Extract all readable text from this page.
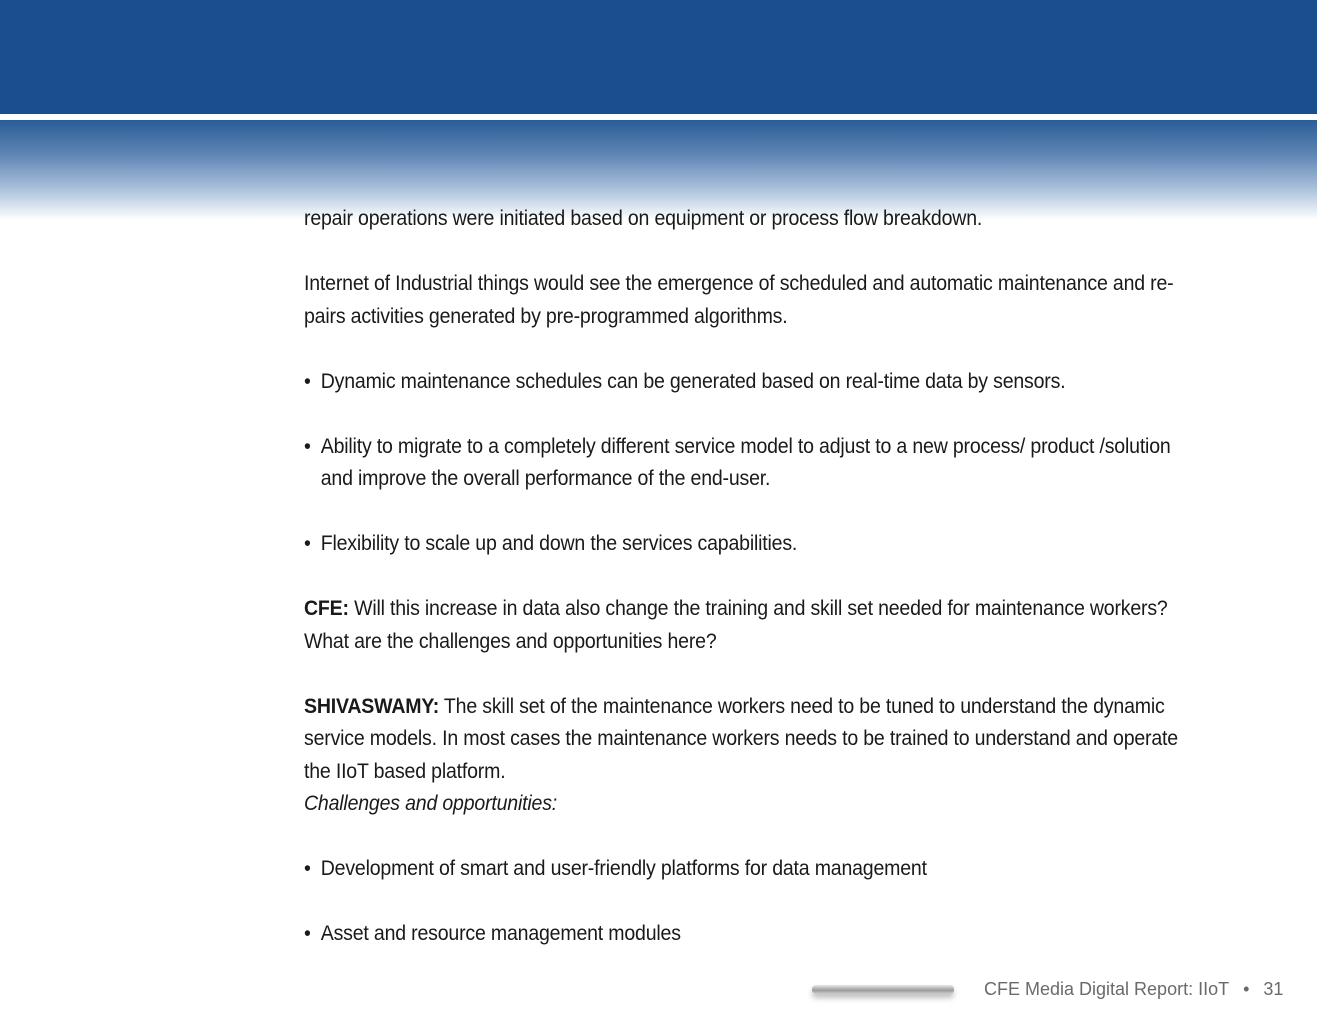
repair operations were initiated based on equipment or process flow breakdown.

Internet of Industrial things would see the emergence of scheduled and automatic maintenance and re-pairs activities generated by pre-programmed algorithms.

• Dynamic maintenance schedules can be generated based on real-time data by sensors.

• Ability to migrate to a completely different service model to adjust to a new process/ product /solution and improve the overall performance of the end-user.

• Flexibility to scale up and down the services capabilities.

CFE: Will this increase in data also change the training and skill set needed for maintenance workers? What are the challenges and opportunities here?

SHIVASWAMY: The skill set of the maintenance workers need to be tuned to understand the dynamic service models. In most cases the maintenance workers needs to be trained to understand and operate the IIoT based platform.

Challenges and opportunities:

• Development of smart and user-friendly platforms for data management

• Asset and resource management modules

CFE Media Digital Report: IIoT • 31
